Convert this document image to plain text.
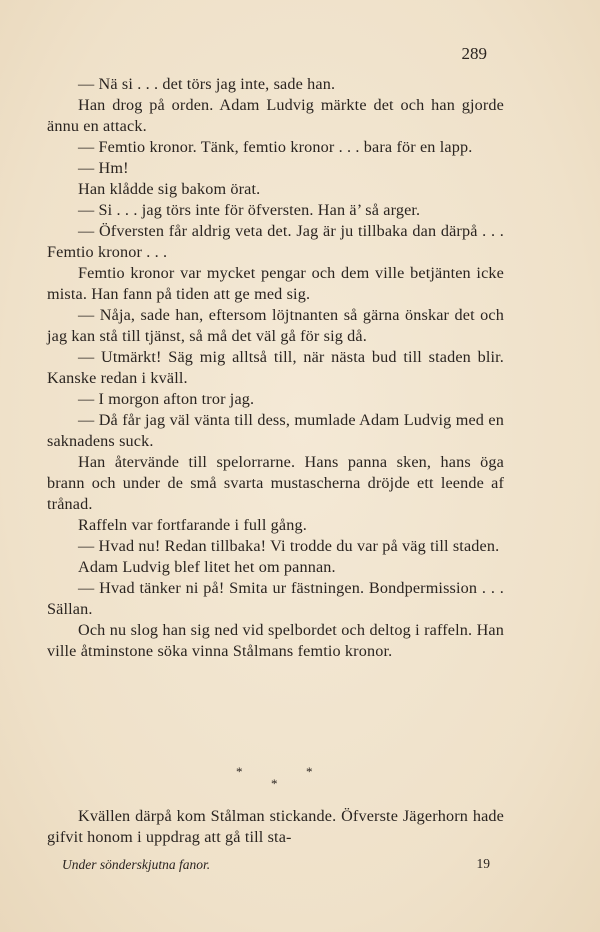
289

— Nä si . . . det törs jag inte, sade han.

Han drog på orden. Adam Ludvig märkte det och han gjorde ännu en attack.

— Femtio kronor. Tänk, femtio kronor . . . bara för en lapp.

— Hm!

Han klådde sig bakom örat.

— Si . . . jag törs inte för öfversten. Han ä’ så arger.

— Öfversten får aldrig veta det. Jag är ju tillbaka dan därpå . . . Femtio kronor . . .

Femtio kronor var mycket pengar och dem ville betjänten icke mista. Han fann på tiden att ge med sig.

— Nåja, sade han, eftersom löjtnanten så gärna önskar det och jag kan stå till tjänst, så må det väl gå för sig då.

— Utmärkt! Säg mig alltså till, när nästa bud till staden blir. Kanske redan i kväll.

— I morgon afton tror jag.

— Då får jag väl vänta till dess, mumlade Adam Ludvig med en saknadens suck.

Han återvände till spelorrarne. Hans panna sken, hans öga brann och under de små svarta mustascherna dröjde ett leende af trånad.

Raffeln var fortfarande i full gång.

— Hvad nu! Redan tillbaka! Vi trodde du var på väg till staden.

Adam Ludvig blef litet het om pannan.

— Hvad tänker ni på! Smita ur fästningen. Bondpermission . . . Sällan.

Och nu slog han sig ned vid spelbordet och deltog i raffeln. Han ville åtminstone söka vinna Stålmans femtio kronor.

*	*
*

Kvällen därpå kom Stålman stickande. Öfverste Jägerhorn hade gifvit honom i uppdrag att gå till sta-

Under sönderskjutna fanor.	19
